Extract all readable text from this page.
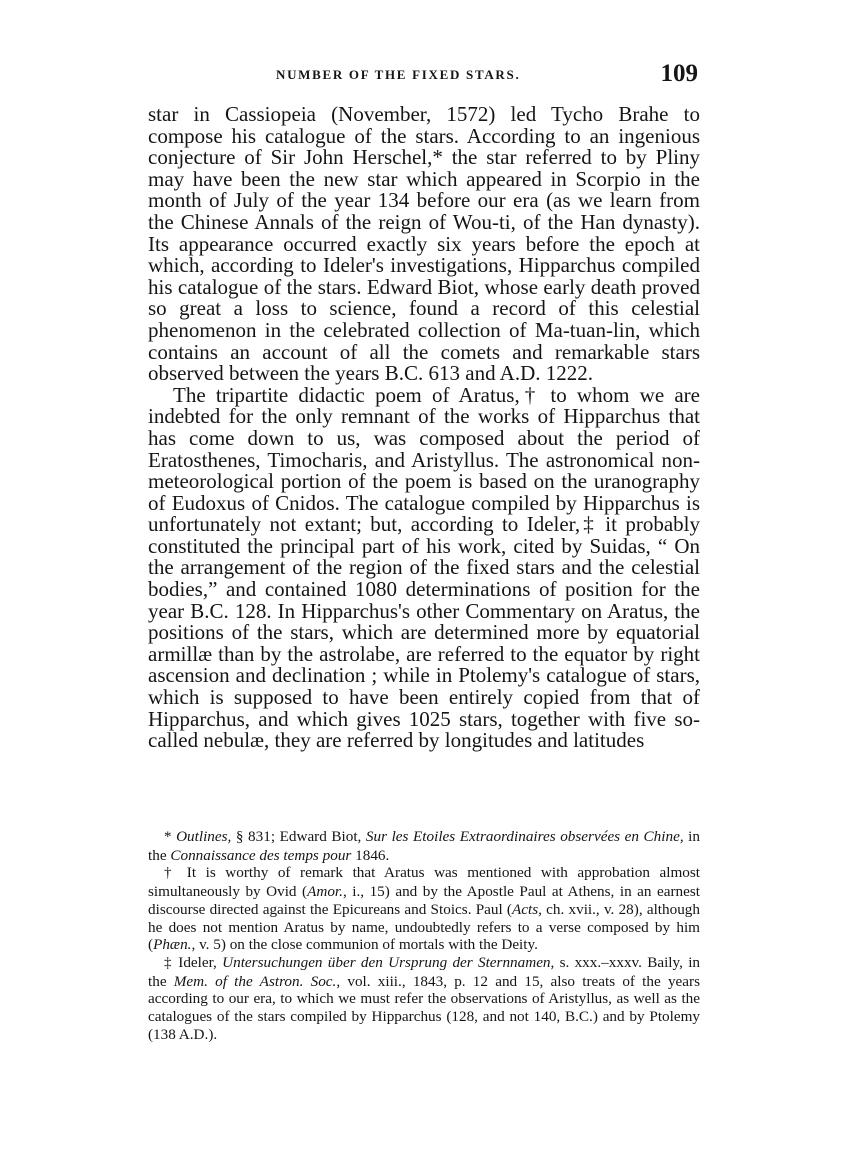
NUMBER OF THE FIXED STARS.	109

star in Cassiopeia (November, 1572) led Tycho Brahe to compose his catalogue of the stars. According to an ingenious conjecture of Sir John Herschel,* the star referred to by Pliny may have been the new star which appeared in Scorpio in the month of July of the year 134 before our era (as we learn from the Chinese Annals of the reign of Wou-ti, of the Han dynasty). Its appearance occurred exactly six years before the epoch at which, according to Ideler's investigations, Hipparchus compiled his catalogue of the stars. Edward Biot, whose early death proved so great a loss to science, found a record of this celestial phenomenon in the celebrated collection of Ma-tuan-lin, which contains an account of all the comets and remarkable stars observed between the years B.C. 613 and A.D. 1222.

The tripartite didactic poem of Aratus,† to whom we are indebted for the only remnant of the works of Hipparchus that has come down to us, was composed about the period of Eratosthenes, Timocharis, and Aristyllus. The astronomical non-meteorological portion of the poem is based on the uranography of Eudoxus of Cnidos. The catalogue compiled by Hipparchus is unfortunately not extant; but, according to Ideler,‡ it probably constituted the principal part of his work, cited by Suidas, “ On the arrangement of the region of the fixed stars and the celestial bodies,” and contained 1080 determinations of position for the year B.C. 128. In Hipparchus's other Commentary on Aratus, the positions of the stars, which are determined more by equatorial armillæ than by the astrolabe, are referred to the equator by right ascension and declination ; while in Ptolemy's catalogue of stars, which is supposed to have been entirely copied from that of Hipparchus, and which gives 1025 stars, together with five so-called nebulæ, they are referred by longitudes and latitudes

* Outlines, § 831; Edward Biot, Sur les Etoiles Extraordinaires observées en Chine, in the Connaissance des temps pour 1846.

† It is worthy of remark that Aratus was mentioned with approbation almost simultaneously by Ovid (Amor., i., 15) and by the Apostle Paul at Athens, in an earnest discourse directed against the Epicureans and Stoics. Paul (Acts, ch. xvii., v. 28), although he does not mention Aratus by name, undoubtedly refers to a verse composed by him (Phæn., v. 5) on the close communion of mortals with the Deity.

‡ Ideler, Untersuchungen über den Ursprung der Sternnamen, s. xxx.–xxxv. Baily, in the Mem. of the Astron. Soc., vol. xiii., 1843, p. 12 and 15, also treats of the years according to our era, to which we must refer the observations of Aristyllus, as well as the catalogues of the stars compiled by Hipparchus (128, and not 140, B.C.) and by Ptolemy (138 A.D.).
